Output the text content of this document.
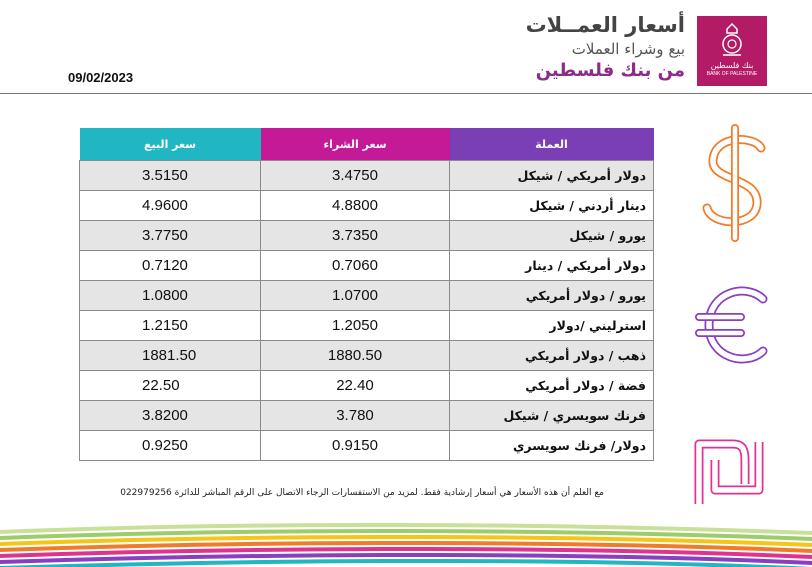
09/02/2023
أسعار العمــلات
بيع وشراء العملات
من بنك فلسطين	بنك فلسطين
BANK OF PALESTINE
سعر البيع	سعر الشراء	العملة
3.5150	3.4750	دولار أمريكي / شيكل
4.9600	4.8800	دينار أردني / شيكل
3.7750	3.7350	يورو / شيكل
0.7120	0.7060	دولار أمريكي / دينار
1.0800	1.0700	يورو / دولار أمريكي
1.2150	1.2050	استرليني /دولار
1881.50	1880.50	ذهب / دولار أمريكي
22.50	22.40	فضة / دولار أمريكي
3.8200	3.780	فرنك سويسري / شيكل
0.9250	0.9150	دولار/ فرنك سويسري
مع العلم أن هذه الأسعار هي أسعار إرشادية فقط. لمزيد من الاستفسارات الرجاء الاتصال على الرقم المباشر للدائرة 022979256
